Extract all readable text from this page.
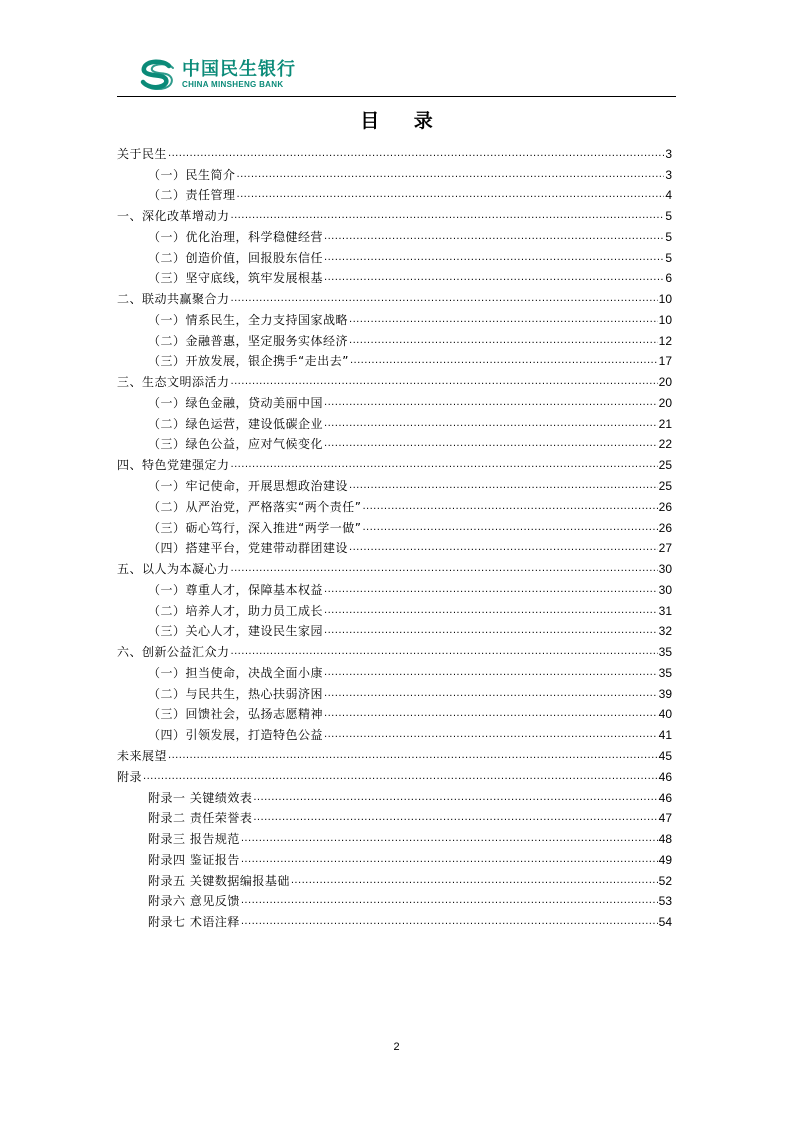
中国民生银行
CHINA MINSHENG BANK
目 录
关于民生 .....	3
（一）民生简介 .....	3
（二）责任管理 .....	4
一、深化改革增动力 .....	5
（一）优化治理，科学稳健经营 .....	5
（二）创造价值，回报股东信任 .....	5
（三）坚守底线，筑牢发展根基 .....	6
二、联动共赢聚合力 .....	10
（一）情系民生，全力支持国家战略 .....	10
（二）金融普惠，坚定服务实体经济 .....	12
（三）开放发展，银企携手“走出去” .....	17
三、生态文明添活力 .....	20
（一）绿色金融，贷动美丽中国 .....	20
（二）绿色运营，建设低碳企业 .....	21
（三）绿色公益，应对气候变化 .....	22
四、特色党建强定力 .....	25
（一）牢记使命，开展思想政治建设 .....	25
（二）从严治党，严格落实“两个责任” .....	26
（三）砺心笃行，深入推进“两学一做” .....	26
（四）搭建平台，党建带动群团建设 .....	27
五、以人为本凝心力 .....	30
（一）尊重人才，保障基本权益 .....	30
（二）培养人才，助力员工成长 .....	31
（三）关心人才，建设民生家园 .....	32
六、创新公益汇众力 .....	35
（一）担当使命，决战全面小康 .....	35
（二）与民共生，热心扶弱济困 .....	39
（三）回馈社会，弘扬志愿精神 .....	40
（四）引领发展，打造特色公益 .....	41
未来展望 .....	45
附录 .....	46
附录一 关键绩效表 .....	46
附录二 责任荣誉表 .....	47
附录三 报告规范 .....	48
附录四 鉴证报告 .....	49
附录五 关键数据编报基础 .....	52
附录六 意见反馈 .....	53
附录七 术语注释 .....	54
2
